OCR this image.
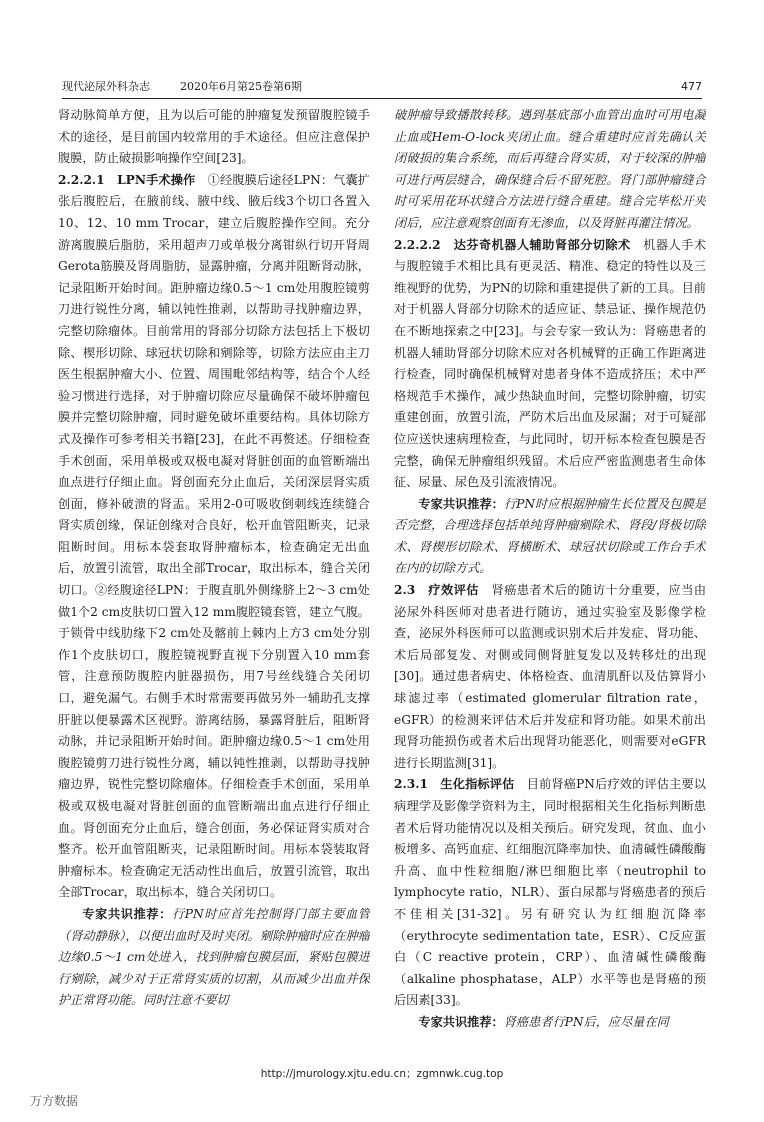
现代泌尿外科杂志	2020年6月第25卷第6期	477

肾动脉简单方便，且为以后可能的肿瘤复发预留腹腔镜手术的途径，是目前国内较常用的手术途径。但应注意保护腹膜，防止破损影响操作空间[23]。

2.2.2.1　LPN手术操作　 ①经腹膜后途径LPN：气囊扩张后腹腔后，在腋前线、腋中线、腋后线3个切口各置入10、12、10 mm Trocar，建立后腹腔操作空间。充分游离腹膜后脂肪，采用超声刀或单极分离钳纵行切开肾周Gerota筋膜及肾周脂肪，显露肿瘤，分离并阻断肾动脉，记录阻断开始时间。距肿瘤边缘0.5～1 cm处用腹腔镜剪刀进行锐性分离，辅以钝性推剥，以帮助寻找肿瘤边界，完整切除瘤体。目前常用的肾部分切除方法包括上下极切除、楔形切除、球冠状切除和剜除等，切除方法应由主刀医生根据肿瘤大小、位置、周围毗邻结构等，结合个人经验习惯进行选择，对于肿瘤切除应尽量确保不破坏肿瘤包膜并完整切除肿瘤，同时避免破坏重要结构。具体切除方式及操作可参考相关书籍[23]，在此不再赘述。仔细检查手术创面，采用单极或双极电凝对肾脏创面的血管断端出血点进行仔细止血。肾创面充分止血后，关闭深层肾实质创面，修补破溃的肾盂。采用2-0可吸收倒刺线连续缝合肾实质创缘，保证创缘对合良好，松开血管阻断夹，记录阻断时间。用标本袋套取肾肿瘤标本，检查确定无出血后，放置引流管，取出全部Trocar，取出标本，缝合关闭切口。②经腹途径LPN：于腹直肌外侧缘脐上2～3 cm处做1个2 cm皮肤切口置入12 mm腹腔镜套管，建立气腹。于锁骨中线肋缘下2 cm处及髂前上棘内上方3 cm处分别作1个皮肤切口，腹腔镜视野直视下分别置入10 mm套管，注意预防腹腔内脏器损伤，用7号丝线缝合关闭切口，避免漏气。右侧手术时常需要再做另外一辅助孔支撑肝脏以便暴露术区视野。游离结肠，暴露肾脏后，阻断肾动脉，并记录阻断开始时间。距肿瘤边缘0.5～1 cm处用腹腔镜剪刀进行锐性分离，辅以钝性推剥，以帮助寻找肿瘤边界，锐性完整切除瘤体。仔细检查手术创面，采用单极或双极电凝对肾脏创面的血管断端出血点进行仔细止血。肾创面充分止血后，缝合创面，务必保证肾实质对合整齐。松开血管阻断夹，记录阻断时间。用标本袋装取肾肿瘤标本。检查确定无活动性出血后，放置引流管，取出全部Trocar，取出标本，缝合关闭切口。

专家共识推荐：行PN时应首先控制肾门部主要血管（肾动静脉），以便出血时及时夹闭。剜除肿瘤时应在肿瘤边缘0.5～1 cm处进入，找到肿瘤包膜层面，紧贴包膜进行剜除，减少对于正常肾实质的切割，从而减少出血并保护正常肾功能。同时注意不要切

破肿瘤导致播散转移。遇到基底部小血管出血时可用电凝止血或Hem-O-lock夹闭止血。缝合重建时应首先确认关闭破损的集合系统，而后再缝合肾实质，对于较深的肿瘤可进行两层缝合，确保缝合后不留死腔。肾门部肿瘤缝合时可采用花环状缝合方法进行缝合重建。缝合完毕松开夹闭后，应注意观察创面有无渗血，以及肾脏再灌注情况。

2.2.2.2　达芬奇机器人辅助肾部分切除术　 机器人手术与腹腔镜手术相比具有更灵活、精准、稳定的特性以及三维视野的优势，为PN的切除和重建提供了新的工具。目前对于机器人肾部分切除术的适应证、禁忌证、操作规范仍在不断地探索之中[23]。与会专家一致认为：肾癌患者的机器人辅助肾部分切除术应对各机械臂的正确工作距离进行检查，同时确保机械臂对患者身体不造成挤压；术中严格规范手术操作，减少热缺血时间，完整切除肿瘤，切实重建创面，放置引流，严防术后出血及尿漏；对于可疑部位应送快速病理检查，与此同时，切开标本检查包膜是否完整，确保无肿瘤组织残留。术后应严密监测患者生命体征、尿量、尿色及引流液情况。

专家共识推荐：行PN时应根据肿瘤生长位置及包膜是否完整，合理选择包括单纯肾肿瘤剜除术、肾段/肾极切除术、肾楔形切除术、肾横断术、球冠状切除或工作台手术在内的切除方式。

2.3　疗效评估　 肾癌患者术后的随访十分重要，应当由泌尿外科医师对患者进行随访，通过实验室及影像学检查，泌尿外科医师可以监测或识别术后并发症、肾功能、术后局部复发、对侧或同侧肾脏复发以及转移灶的出现[30]。通过患者病史、体格检查、血清肌酐以及估算肾小球滤过率（estimated glomerular filtration rate，eGFR）的检测来评估术后并发症和肾功能。如果术前出现肾功能损伤或者术后出现肾功能恶化，则需要对eGFR进行长期监测[31]。

2.3.1　生化指标评估　 目前肾癌PN后疗效的评估主要以病理学及影像学资料为主，同时根据相关生化指标判断患者术后肾功能情况以及相关预后。研究发现，贫血、血小板增多、高钙血症、红细胞沉降率加快、血清碱性磷酸酶升高、血中性粒细胞/淋巴细胞比率（neutrophil to lymphocyte ratio，NLR）、蛋白尿都与肾癌患者的预后不佳相关[31-32]。另有研究认为红细胞沉降率（erythrocyte sedimentation tate，ESR）、C反应蛋白（C reactive protein，CRP）、血清碱性磷酸酶（alkaline phosphatase，ALP）水平等也是肾癌的预后因素[33]。

专家共识推荐：肾癌患者行PN后，应尽量在同

http://jmurology.xjtu.edu.cn；zgmnwk.cug.top
万方数据
